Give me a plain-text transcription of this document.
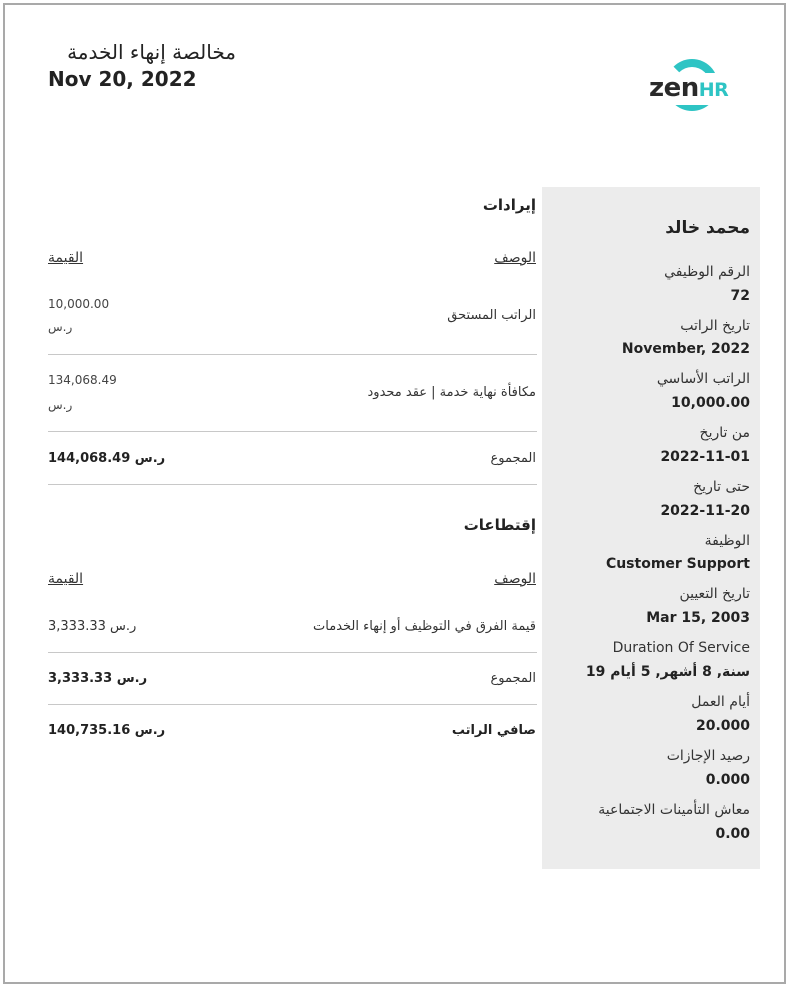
مخالصة إنهاء الخدمة
Nov 20, 2022	zenHR
محمد خالد
الرقم الوظيفي
72
تاريخ الراتب
November, 2022
الراتب الأساسي
10,000.00
من تاريخ
2022-11-01
حتى تاريخ
2022-11-20
الوظيفة
Customer Support
تاريخ التعيين
Mar 15, 2003
Duration Of Service
19 سنة, 8 أشهر, 5 أيام
أيام العمل
20.000
رصيد الإجازات
0.000
معاش التأمينات الاجتماعية
0.00
إيرادات
الوصف
القيمة
الراتب المستحق
10,000.00
ر.س
مكافأة نهاية خدمة | عقد محدود
134,068.49
ر.س
المجموع
144,068.49 ر.س
إقتطاعات
الوصف
القيمة
قيمة الفرق في التوظيف أو إنهاء الخدمات
3,333.33 ر.س
المجموع
3,333.33 ر.س
صافي الراتب
140,735.16 ر.س
